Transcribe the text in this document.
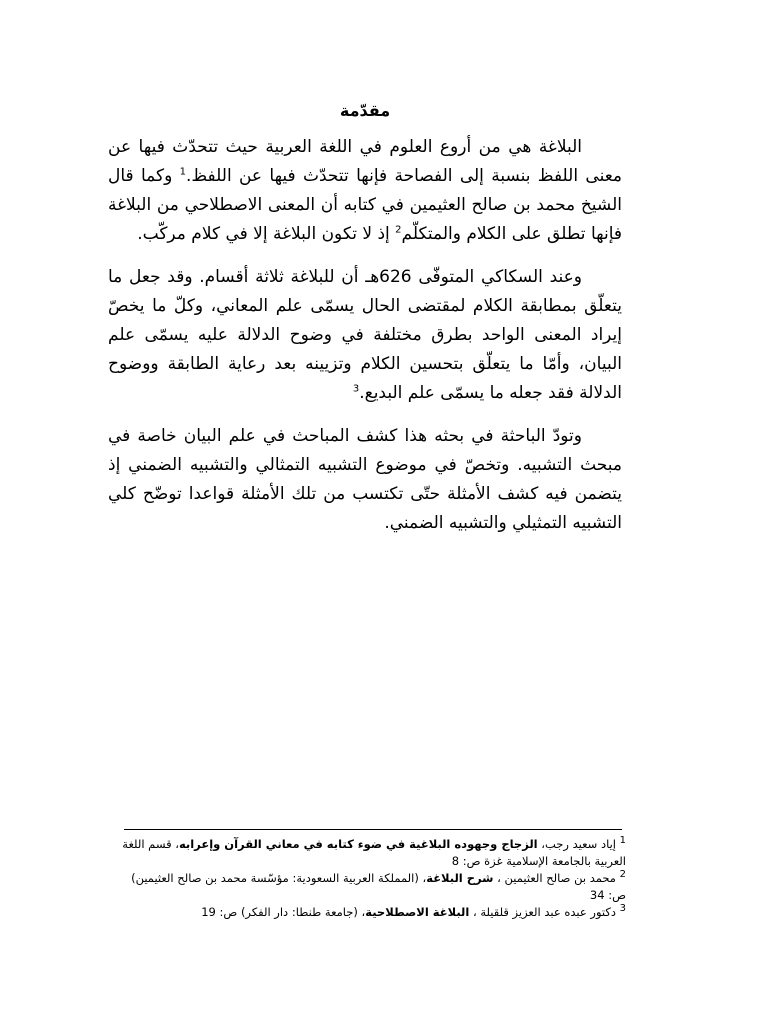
مقدّمة

البلاغة هي من أروع العلوم في اللغة العربية حيث تتحدّث فيها عن معنى اللفظ بنسبة إلى الفصاحة فإنها تتحدّث فيها عن اللفظ.$^1$ وكما قال الشيخ محمد بن صالح العثيمين في كتابه أن المعنى الاصطلاحي من البلاغة فإنها تطلق على الكلام والمتكلّم$^2$ إذ لا تكون البلاغة إلا في كلام مركّب.

وعند السكاكي المتوفّى 626هـ أن للبلاغة ثلاثة أقسام. وقد جعل ما يتعلّق بمطابقة الكلام لمقتضى الحال يسمّى علم المعاني، وكلّ ما يخصّ إيراد المعنى الواحد بطرق مختلفة في وضوح الدلالة عليه يسمّى علم البيان، وأمّا ما يتعلّق بتحسين الكلام وتزيينه بعد رعاية الطابقة ووضوح الدلالة فقد جعله ما يسمّى علم البديع.$^3$

وتودّ الباحثة في بحثه هذا كشف المباحث في علم البيان خاصة في مبحث التشبيه. وتخصّ في موضوع التشبيه التمثالي والتشبيه الضمني إذ يتضمن فيه كشف الأمثلة حتّى تكتسب من تلك الأمثلة قواعدا توضّح كلي التشبيه التمثيلي والتشبيه الضمني.

$^1$ إياد سعيد رجب، الزجاج وجهوده البلاغية في ضوء كتابه في معاني القرآن وإعرابه، قسم اللغة العربية بالجامعة الإسلامية غزة ص: 8

$^2$ محمد بن صالح العثيمين ، شرح البلاغة، (المملكة العربية السعودية: مؤسّسة محمد بن صالح العثيمين) ص: 34

$^3$ دكتور عبده عبد العزيز قلقيلة ، البلاغة الاصطلاحية، (جامعة طنطا: دار الفكر) ص: 19
